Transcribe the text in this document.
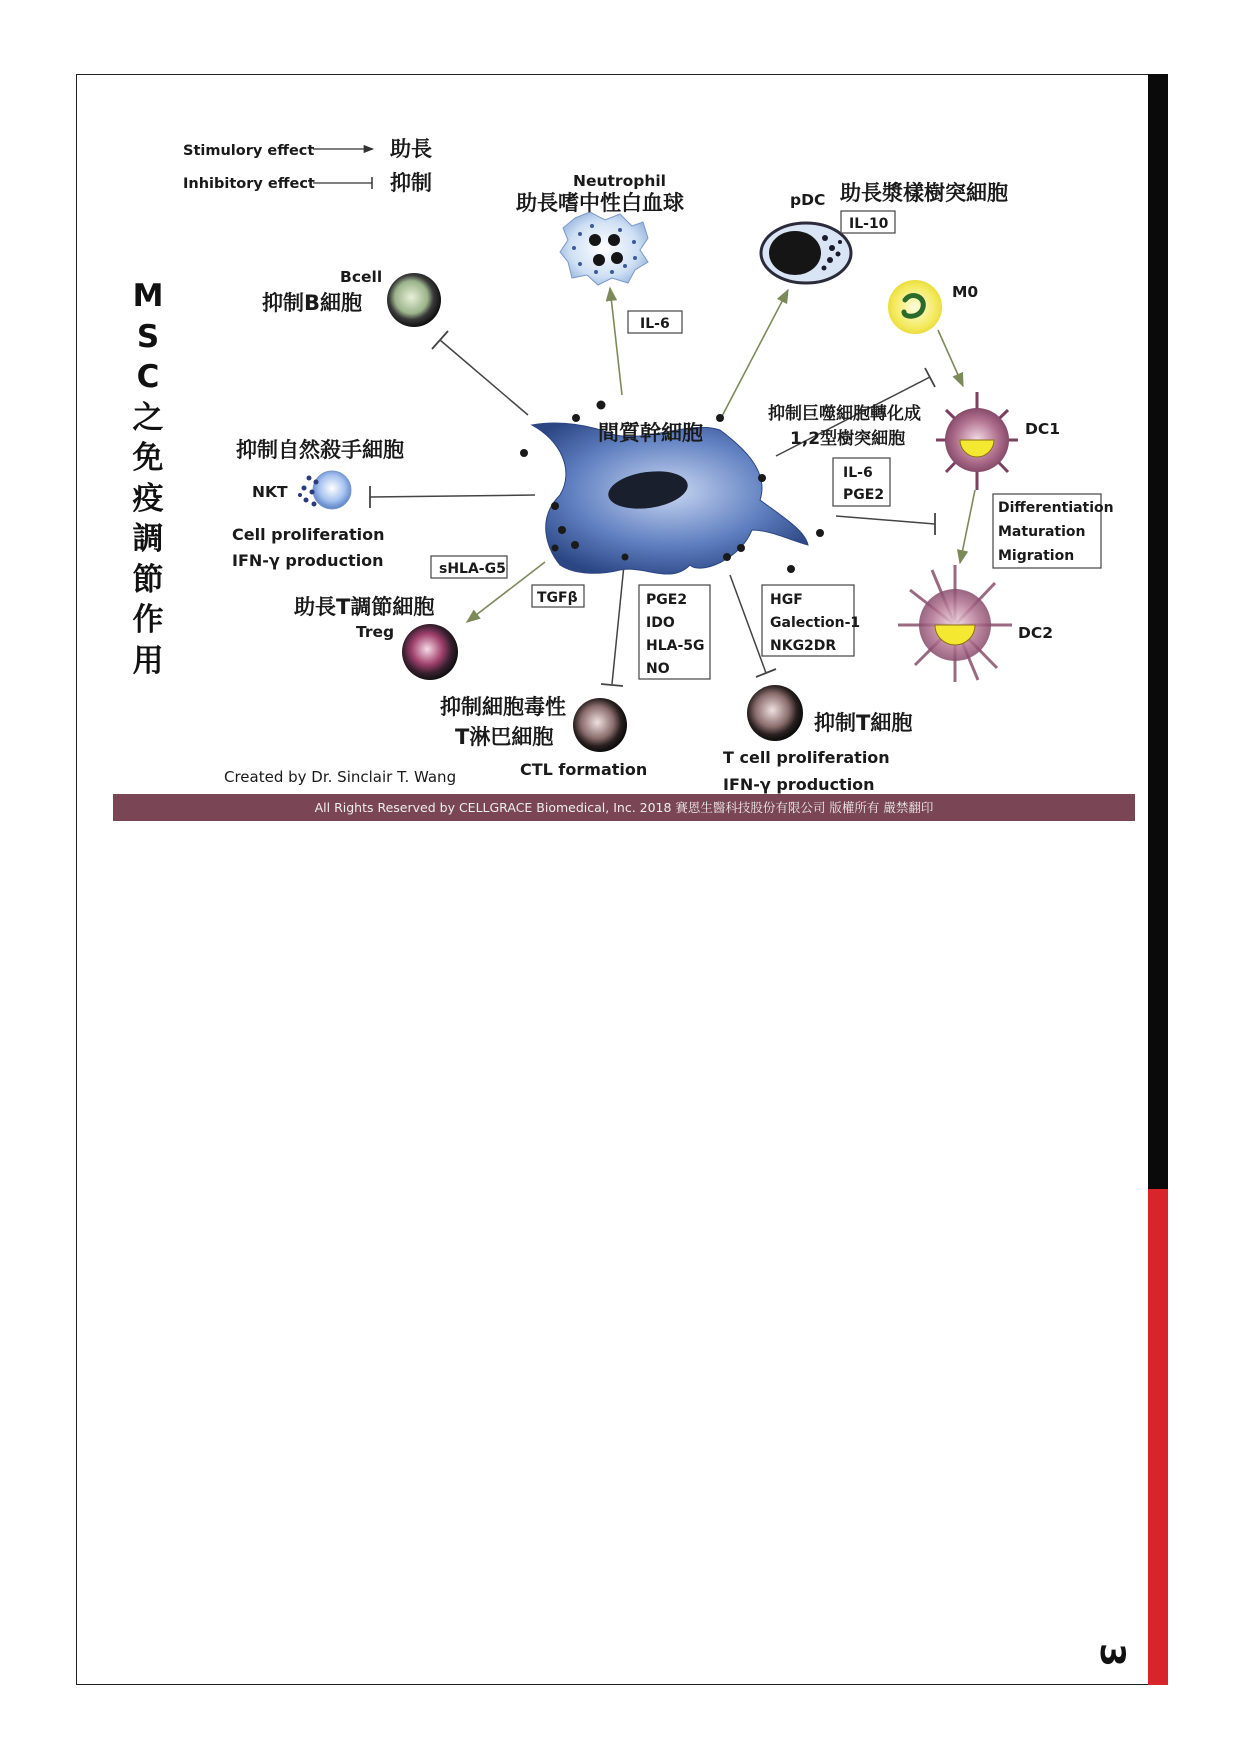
3
M
S
C
之
免
疫
調
節
作
用
Stimulory effect	助長
Inhibitory effect	抑制
間質幹細胞
Bcell
抑制B細胞
Neutrophil
助長嗜中性白血球
IL-6
pDC 助長漿樣樹突細胞
IL-10
M0
抑制巨噬細胞轉化成
1,2型樹突細胞
IL-6
PGE2
DC1
Differentiation
Maturation
Migration
DC2
抑制自然殺手細胞
NKT
Cell proliferation
IFN-γ production
助長T調節細胞
Treg
sHLA-G5
TGFβ
抑制細胞毒性
T淋巴細胞
CTL formation
PGE2
IDO
HLA-5G
NO
抑制T細胞
T cell proliferation
IFN-γ production
HGF
Galection-1
NKG2DR
Created by Dr. Sinclair T. Wang
All Rights Reserved by CELLGRACE Biomedical, Inc. 2018 賽恩生醫科技股份有限公司 版權所有 嚴禁翻印
